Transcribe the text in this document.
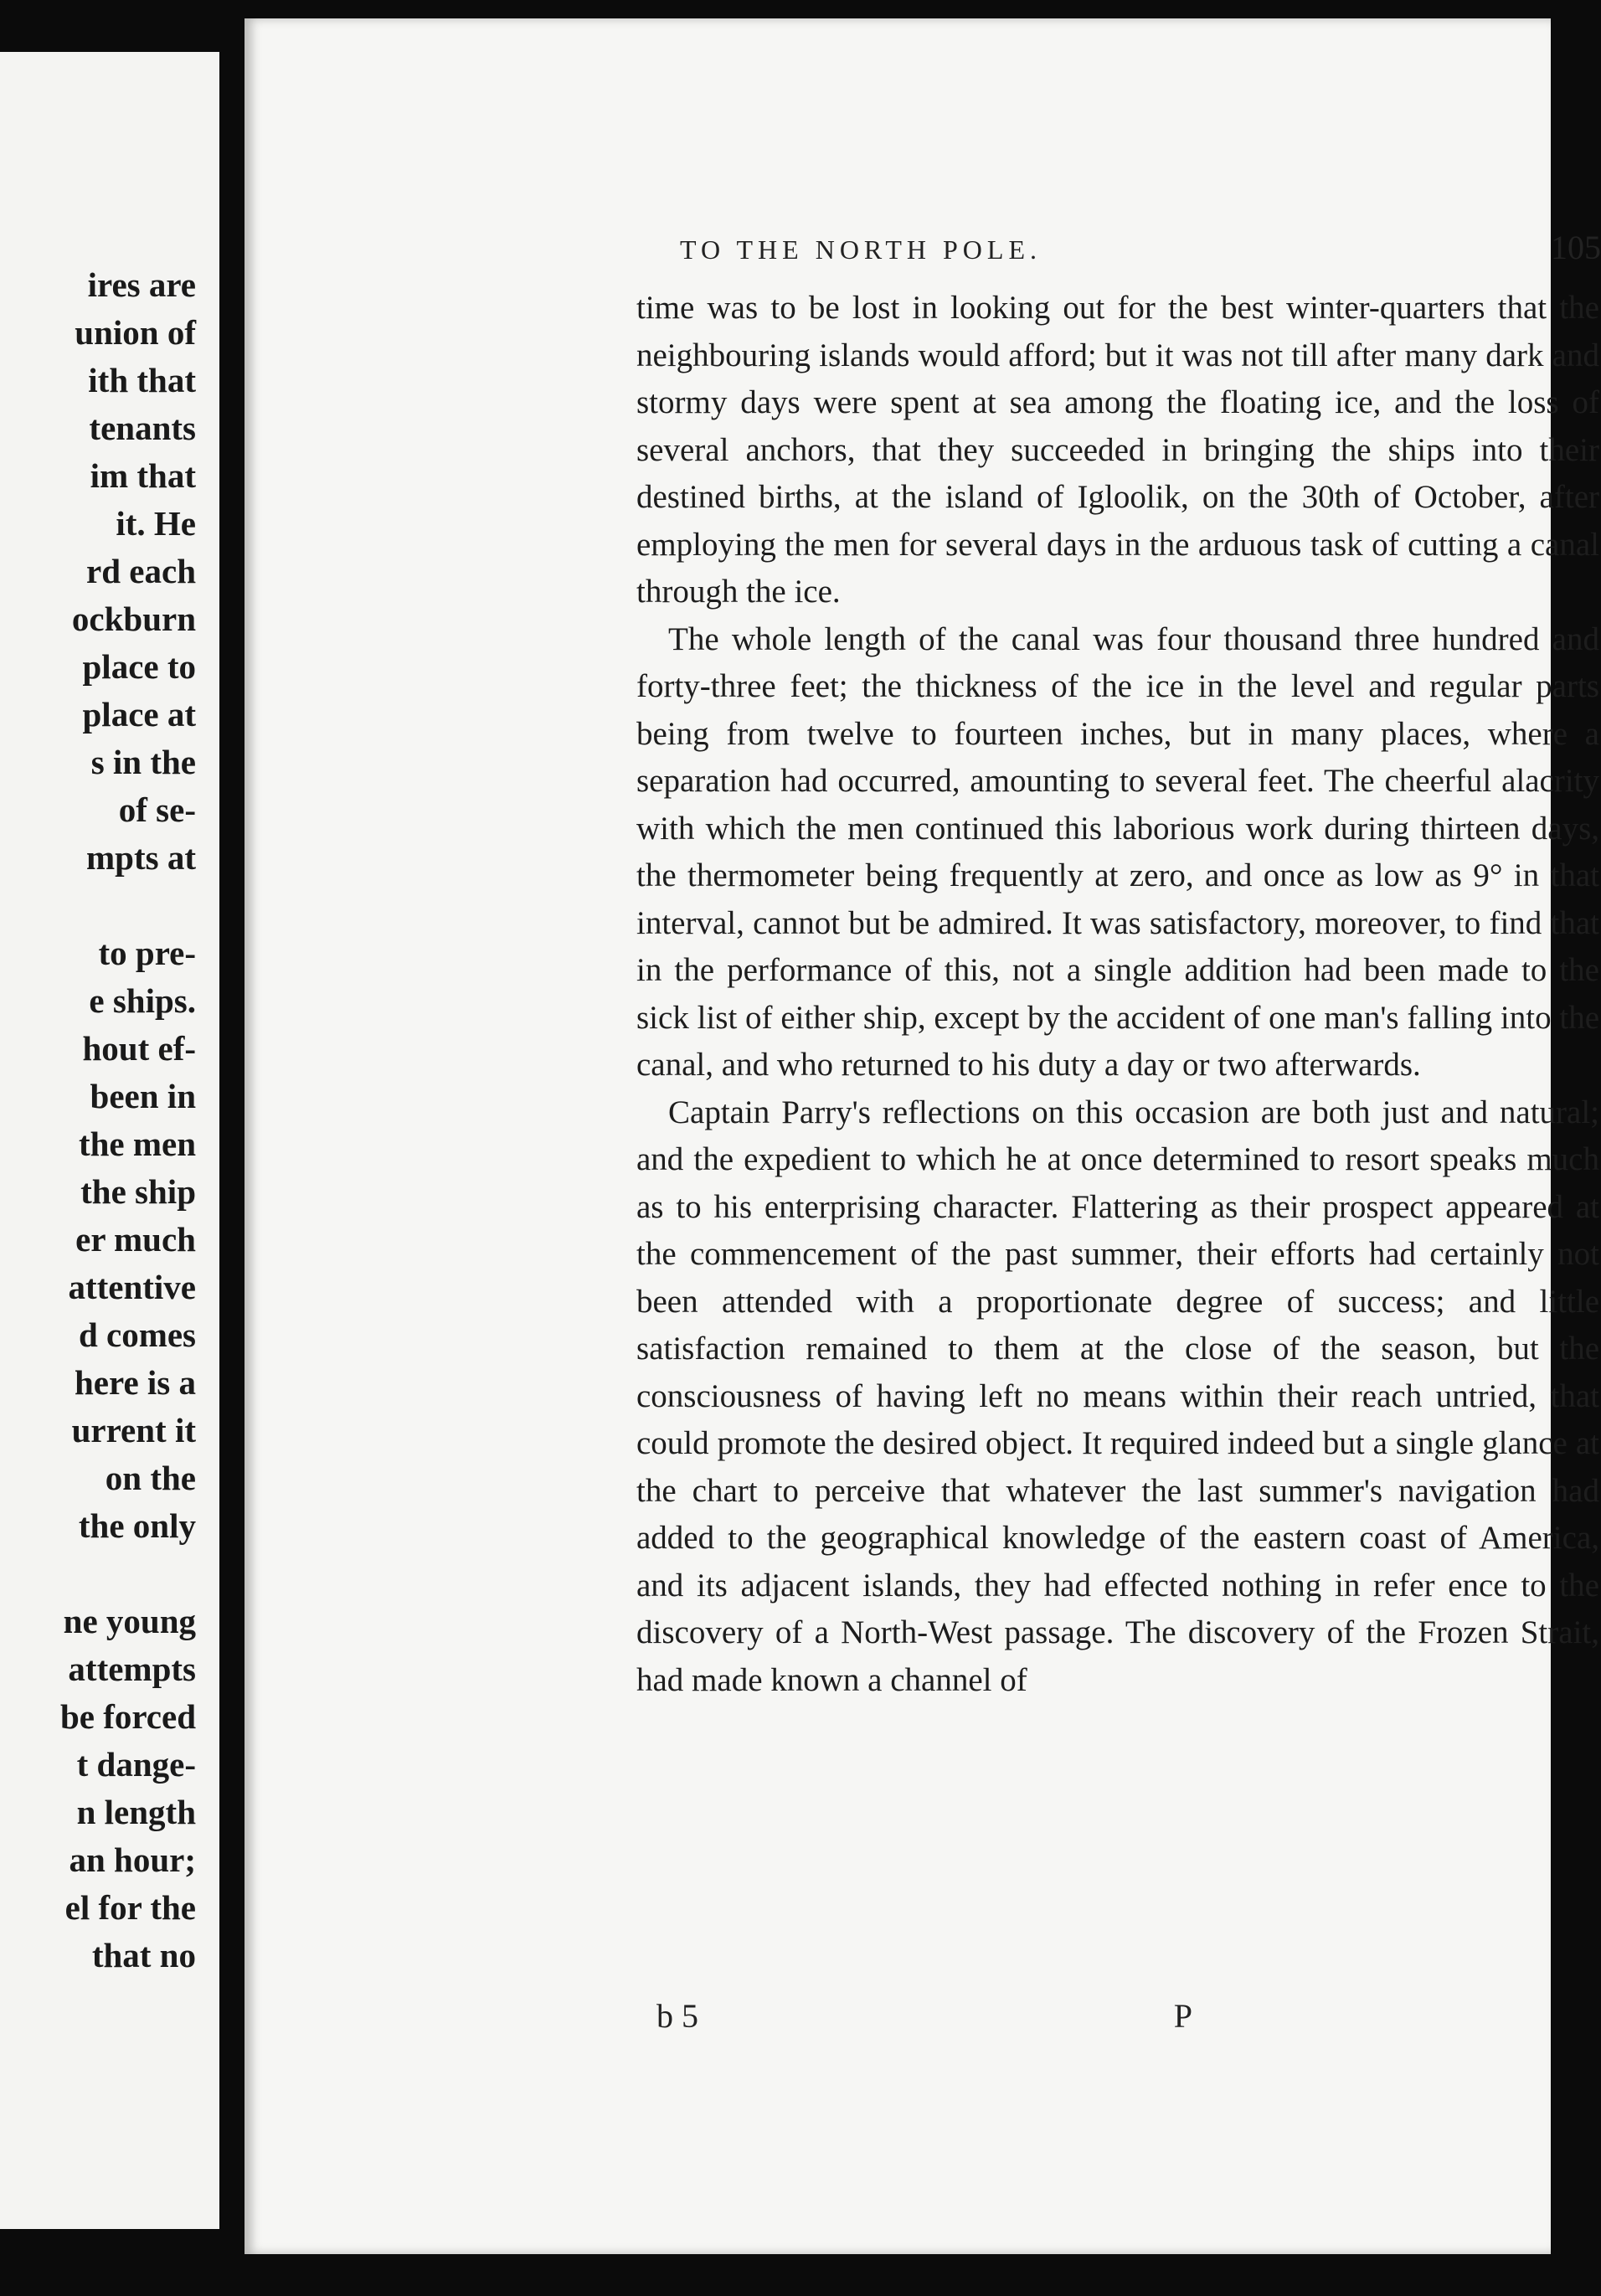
ires are
union of
ith that
tenants
im that
it. He
rd each
ockburn
place to
place at
s in the
of se-
mpts at
to pre-
e ships.
hout ef-
been in
the men
the ship
er much
attentive
d comes
here is a
urrent it
on the
the only
ne young
attempts
be forced
t dange-
n length
an hour;
el for the
that no
TO THE NORTH POLE.	105

time was to be lost in looking out for the best winter-quarters that the neighbouring islands would afford; but it was not till after many dark and stormy days were spent at sea among the floating ice, and the loss of several anchors, that they succeeded in bringing the ships into their destined births, at the island of Igloolik, on the 30th of October, after employing the men for several days in the arduous task of cutting a canal through the ice.

The whole length of the canal was four thousand three hundred and forty-three feet; the thickness of the ice in the level and regular parts being from twelve to fourteen inches, but in many places, where a separation had occurred, amounting to several feet. The cheerful alacrity with which the men continued this laborious work during thirteen days, the thermometer being frequently at zero, and once as low as 9° in that interval, cannot but be admired. It was satisfactory, moreover, to find that in the performance of this, not a single addition had been made to the sick list of either ship, except by the accident of one man's falling into the canal, and who returned to his duty a day or two afterwards.

Captain Parry's reflections on this occasion are both just and natural; and the expedient to which he at once determined to resort speaks much as to his enterprising character. Flattering as their prospect appeared at the commencement of the past summer, their efforts had certainly not been attended with a proportionate degree of success; and little satisfaction remained to them at the close of the season, but the consciousness of having left no means within their reach untried, that could promote the desired object. It required indeed but a single glance at the chart to perceive that whatever the last summer's navigation had added to the geographical knowledge of the eastern coast of America, and its adjacent islands, they had effected nothing in refer ence to the discovery of a North-West passage. The discovery of the Frozen Strait, had made known a channel of

b 5	P
